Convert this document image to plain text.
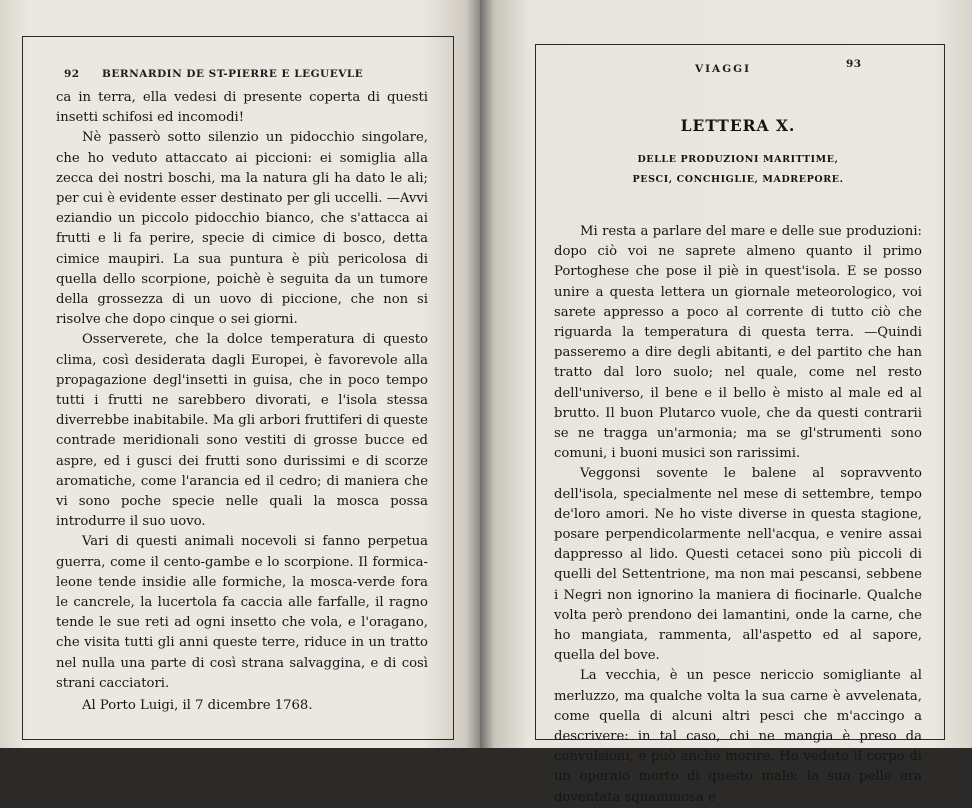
92 BERNARDIN DE ST-PIERRE E LEGUEVLE

ca in terra, ella vedesi di presente coperta di questi insetti schifosi ed incomodi!

Nè passerò sotto silenzio un pidocchio singolare, che ho veduto attaccato ai piccioni: ei somiglia alla zecca dei nostri boschi, ma la natura gli ha dato le ali; per cui è evidente esser destinato per gli uccelli. —Avvi eziandio un piccolo pidocchio bianco, che s'attacca ai frutti e li fa perire, specie di cimice di bosco, detta cimice maupiri. La sua puntura è più pericolosa di quella dello scorpione, poichè è seguita da un tumore della grossezza di un uovo di piccione, che non si risolve che dopo cinque o sei giorni.

Osserverete, che la dolce temperatura di questo clima, così desiderata dagli Europei, è favorevole alla propagazione degl'insetti in guisa, che in poco tempo tutti i frutti ne sarebbero divorati, e l'isola stessa diverrebbe inabitabile. Ma gli arbori fruttiferi di queste contrade meridionali sono vestiti di grosse bucce ed aspre, ed i gusci dei frutti sono durissimi e di scorze aromatiche, come l'arancia ed il cedro; di maniera che vi sono poche specie nelle quali la mosca possa introdurre il suo uovo.

Vari di questi animali nocevoli si fanno perpetua guerra, come il cento-gambe e lo scorpione. Il formica-leone tende insidie alle formiche, la mosca-verde fora le cancrele, la lucertola fa caccia alle farfalle, il ragno tende le sue reti ad ogni insetto che vola, e l'oragano, che visita tutti gli anni queste terre, riduce in un tratto nel nulla una parte di così strana salvaggina, e di così strani cacciatori.

Al Porto Luigi, il 7 dicembre 1768.

VIAGGI	93
LETTERA X.
DELLE PRODUZIONI MARITTIME,
PESCI, CONCHIGLIE, MADREPORE.

Mi resta a parlare del mare e delle sue produzioni: dopo ciò voi ne saprete almeno quanto il primo Portoghese che pose il piè in quest'isola. E se posso unire a questa lettera un giornale meteorologico, voi sarete appresso a poco al corrente di tutto ciò che riguarda la temperatura di questa terra. —Quindi passeremo a dire degli abitanti, e del partito che han tratto dal loro suolo; nel quale, come nel resto dell'universo, il bene e il bello è misto al male ed al brutto. Il buon Plutarco vuole, che da questi contrarii se ne tragga un'armonia; ma se gl'strumenti sono comuni, i buoni musici son rarissimi.

Veggonsi sovente le balene al sopravvento dell'isola, specialmente nel mese di settembre, tempo de'loro amori. Ne ho viste diverse in questa stagione, posare perpendicolarmente nell'acqua, e venire assai dappresso al lido. Questi cetacei sono più piccoli di quelli del Settentrione, ma non mai pescansi, sebbene i Negri non ignorino la maniera di fiocinarle. Qualche volta però prendono dei lamantini, onde la carne, che ho mangiata, rammenta, all'aspetto ed al sapore, quella del bove.

La vecchia, è un pesce nericcio somigliante al merluzzo, ma qualche volta la sua carne è avvelenata, come quella di alcuni altri pesci che m'accingo a descrivere: in tal caso, chi ne mangia è preso da convulsioni, e può anche morire. Ho veduto il corpo di un operaio morto di questo male: la sua pelle era doventata squammosa e
